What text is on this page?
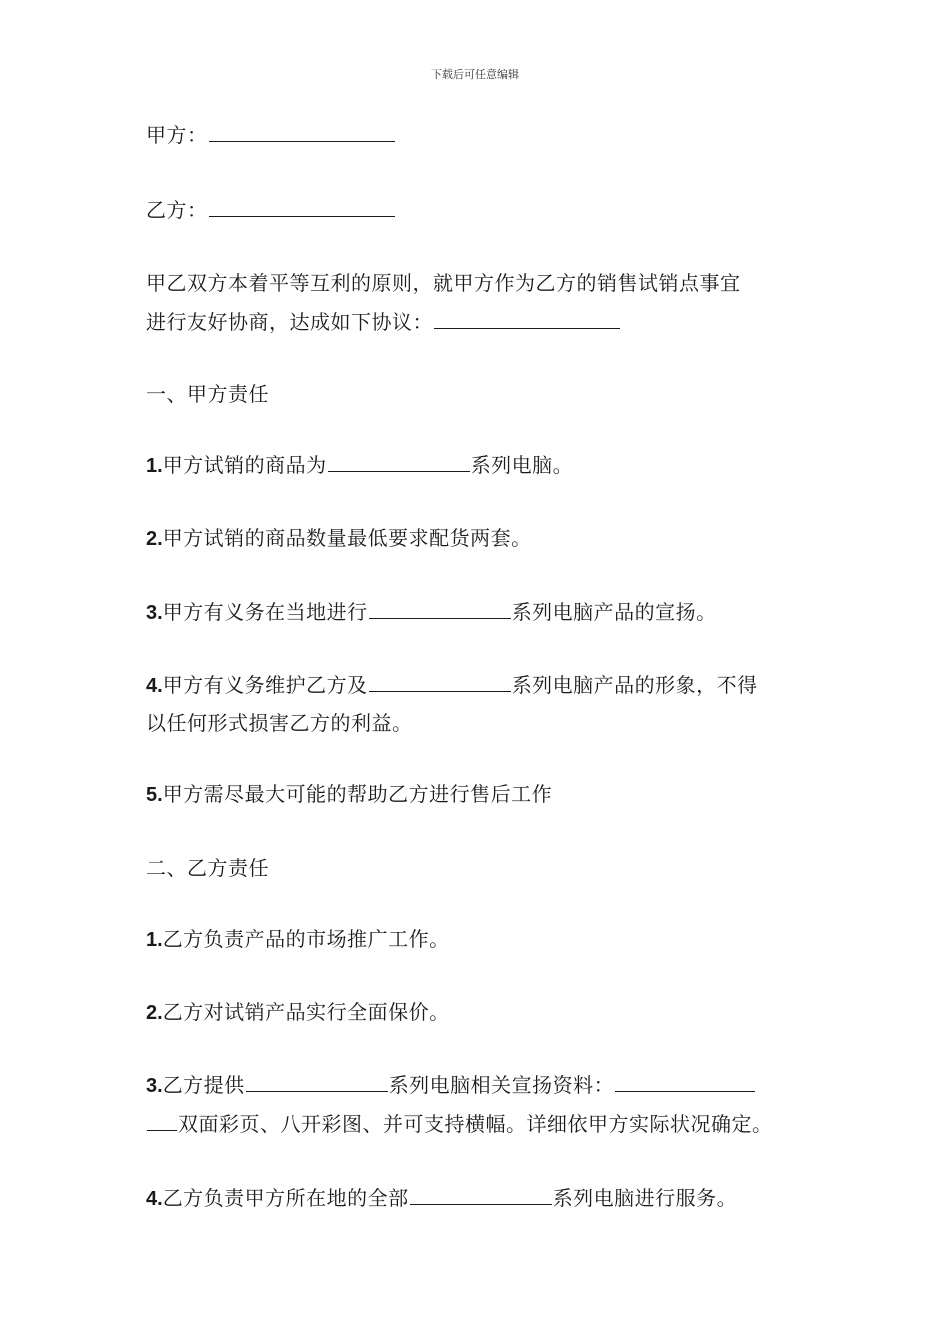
下载后可任意编辑
甲方：
乙方：
甲乙双方本着平等互利的原则，就甲方作为乙方的销售试销点事宜
进行友好协商，达成如下协议：
一、甲方责任
1.甲方试销的商品为	系列电脑。
2.甲方试销的商品数量最低要求配货两套。
3.甲方有义务在当地进行	系列电脑产品的宣扬。
4.甲方有义务维护乙方及	系列电脑产品的形象，不得
以任何形式损害乙方的利益。
5.甲方需尽最大可能的帮助乙方进行售后工作
二、乙方责任
1.乙方负责产品的市场推广工作。
2.乙方对试销产品实行全面保价。
3.乙方提供	系列电脑相关宣扬资料：
双面彩页、八开彩图、并可支持横幅。详细依甲方实际状况确定。
4.乙方负责甲方所在地的全部	系列电脑进行服务。
